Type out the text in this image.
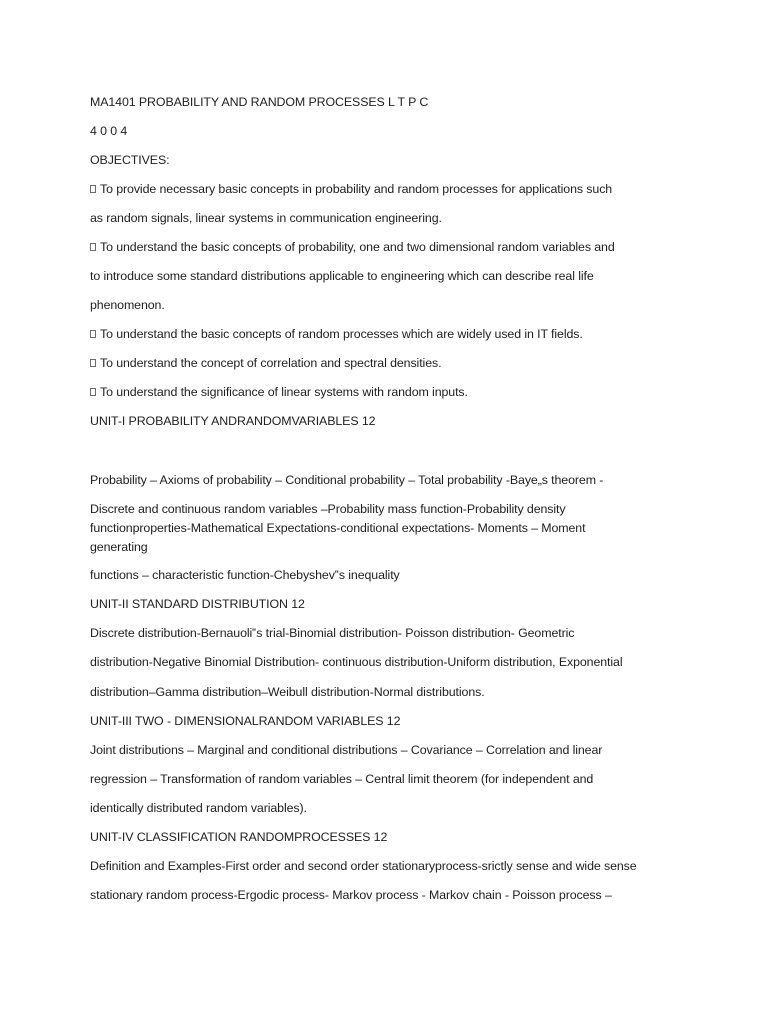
MA1401 PROBABILITY AND RANDOM PROCESSES L T P C

4 0 0 4

OBJECTIVES:

To provide necessary basic concepts in probability and random processes for applications such

as random signals, linear systems in communication engineering.

To understand the basic concepts of probability, one and two dimensional random variables and

to introduce some standard distributions applicable to engineering which can describe real life

phenomenon.

To understand the basic concepts of random processes which are widely used in IT fields.

To understand the concept of correlation and spectral densities.

To understand the significance of linear systems with random inputs.

UNIT-I PROBABILITY ANDRANDOMVARIABLES 12

Probability – Axioms of probability – Conditional probability – Total probability -Baye„s theorem -

Discrete and continuous random variables –Probability mass function-Probability density

functionproperties-Mathematical Expectations-conditional expectations- Moments – Moment

generating

functions – characteristic function-Chebyshev‟s inequality

UNIT-II STANDARD DISTRIBUTION 12

Discrete distribution-Bernauoli‟s trial-Binomial distribution- Poisson distribution- Geometric

distribution-Negative Binomial Distribution- continuous distribution-Uniform distribution, Exponential

distribution–Gamma distribution–Weibull distribution-Normal distributions.

UNIT-III TWO - DIMENSIONALRANDOM VARIABLES 12

Joint distributions – Marginal and conditional distributions – Covariance – Correlation and linear

regression – Transformation of random variables – Central limit theorem (for independent and

identically distributed random variables).

UNIT-IV CLASSIFICATION RANDOMPROCESSES 12

Definition and Examples-First order and second order stationaryprocess-srictly sense and wide sense

stationary random process-Ergodic process- Markov process - Markov chain - Poisson process –
